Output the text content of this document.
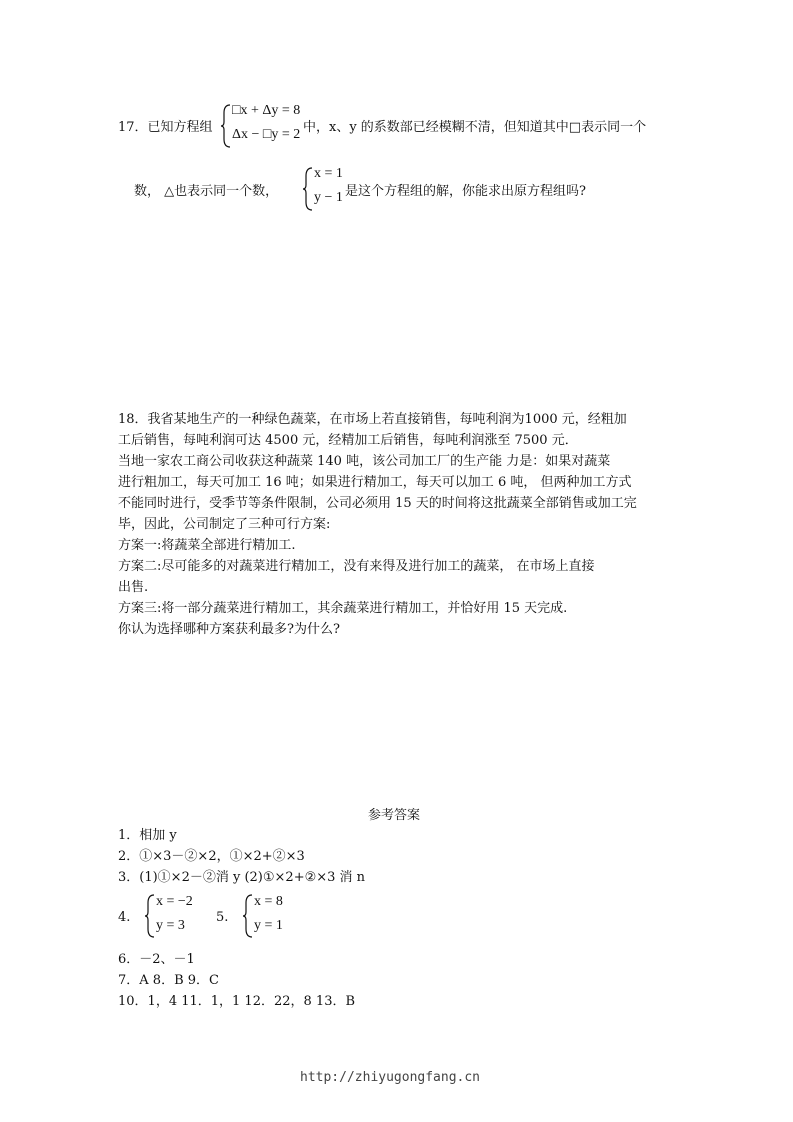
17．已知方程组
□x + Δy = 8
Δx − □y = 2 中，x、y 的系数部已经模糊不清，但知道其中□表示同一个
数， △也表示同一个数，
x = 1
y − 1 是这个方程组的解，你能求出原方程组吗?
18．我省某地生产的一种绿色蔬菜，在市场上若直接销售，每吨利润为1000 元，经粗加
工后销售，每吨利润可达 4500 元，经精加工后销售，每吨利润涨至 7500 元．
当地一家农工商公司收获这种蔬菜 140 吨，该公司加工厂的生产能 力是：如果对蔬菜
进行粗加工，每天可加工 16 吨；如果进行精加工，每天可以加工 6 吨， 但两种加工方式
不能同时进行，受季节等条件限制，公司必须用 15 天的时间将这批蔬菜全部销售或加工完
毕，因此，公司制定了三种可行方案:
方案一:将蔬菜全部进行精加工.
方案二:尽可能多的对蔬菜进行精加工，没有来得及进行加工的蔬菜， 在市场上直接
出售.
方案三:将一部分蔬菜进行精加工，其余蔬菜进行精加工，并恰好用 15 天完成.
你认为选择哪种方案获利最多?为什么?
参考答案
1．相加 y
2．①×3－②×2，①×2+②×3
3．(1)①×2－②消 y (2)①×2+②×3 消 n
4.
x = −2
y = 3
5.
x = 8
y = 1
6．－2、－1
7．A 8．B 9．C
10．1，4 11．1，1 12．22，8 13．B
http://zhiyugongfang.cn
